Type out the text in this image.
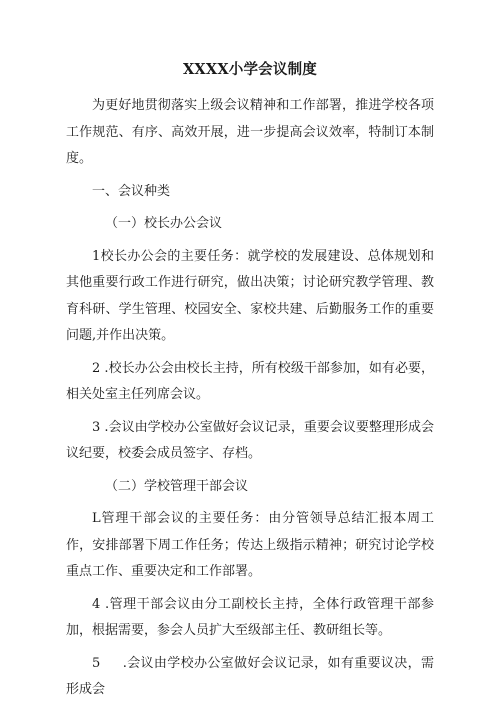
XXXX小学会议制度

为更好地贯彻落实上级会议精神和工作部署，推进学校各项工作规范、有序、高效开展，进一步提高会议效率，特制订本制度。

一、会议种类

（一）校长办公会议

1校长办公会的主要任务：就学校的发展建设、总体规划和其他重要行政工作进行研究，做出决策；讨论研究教学管理、教育科研、学生管理、校园安全、家校共建、后勤服务工作的重要问题,并作出决策。

2 .校长办公会由校长主持，所有校级干部参加，如有必要，相关处室主任列席会议。

3 .会议由学校办公室做好会议记录，重要会议要整理形成会议纪要，校委会成员签字、存档。

（二）学校管理干部会议

L管理干部会议的主要任务：由分管领导总结汇报本周工作，安排部署下周工作任务；传达上级指示精神；研究讨论学校重点工作、重要决定和工作部署。

4 .管理干部会议由分工副校长主持，全体行政管理干部参加，根据需要，参会人员扩大至级部主任、教研组长等。

5     .会议由学校办公室做好会议记录，如有重要议决，需形成会
